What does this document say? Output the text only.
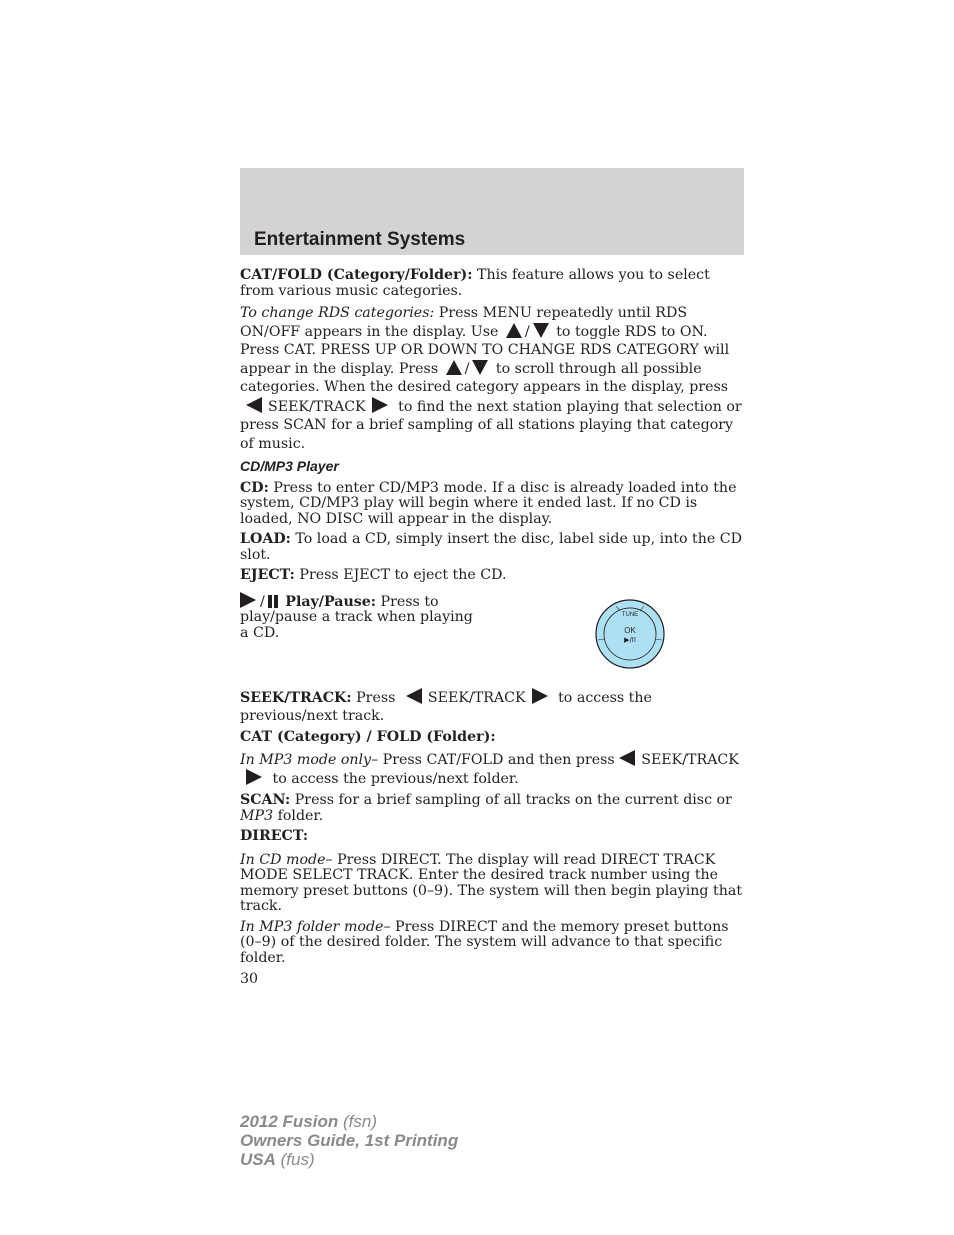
Entertainment Systems

CAT/FOLD (Category/Folder): This feature allows you to select from various music categories.

To change RDS categories: Press MENU repeatedly until RDS ON/OFF appears in the display. Use / to toggle RDS to ON. Press CAT. PRESS UP OR DOWN TO CHANGE RDS CATEGORY will appear in the display. Press / to scroll through all possible categories. When the desired category appears in the display, press SEEK/TRACK to find the next station playing that selection or press SCAN for a brief sampling of all stations playing that category of music.

CD/MP3 Player

CD: Press to enter CD/MP3 mode. If a disc is already loaded into the system, CD/MP3 play will begin where it ended last. If no CD is loaded, NO DISC will appear in the display.

LOAD: To load a CD, simply insert the disc, label side up, into the CD slot.

EJECT: Press EJECT to eject the CD.

/ Play/Pause: Press to play/pause a track when playing a CD.

TUNE
OK
▶/II

SEEK/TRACK: Press SEEK/TRACK to access the previous/next track.

CAT (Category) / FOLD (Folder):

In MP3 mode only– Press CAT/FOLD and then press SEEK/TRACK to access the previous/next folder.

SCAN: Press for a brief sampling of all tracks on the current disc or MP3 folder.

DIRECT:

In CD mode– Press DIRECT. The display will read DIRECT TRACK MODE SELECT TRACK. Enter the desired track number using the memory preset buttons (0–9). The system will then begin playing that track.

In MP3 folder mode– Press DIRECT and the memory preset buttons (0–9) of the desired folder. The system will advance to that specific folder.

30

2012 Fusion (fsn)
Owners Guide, 1st Printing
USA (fus)
